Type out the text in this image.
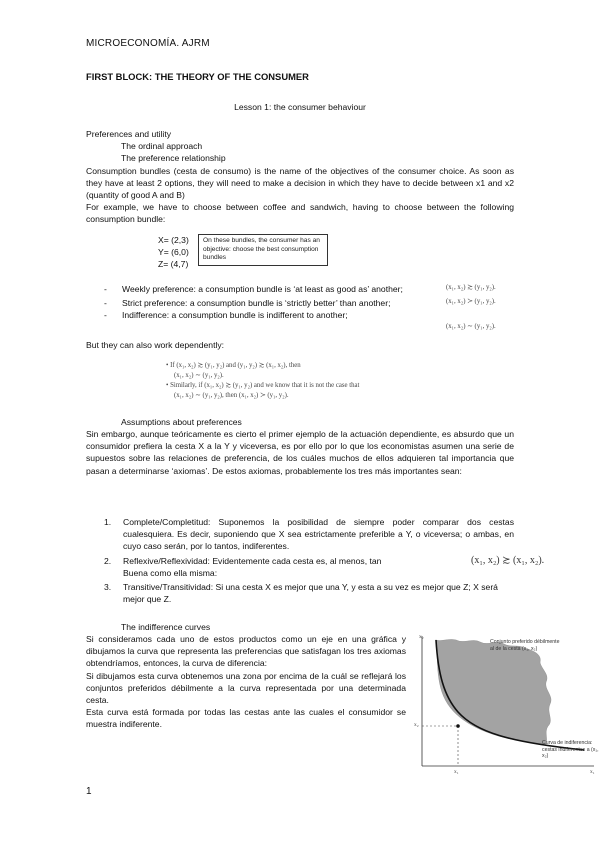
MICROECONOMÍA. AJRM
FIRST BLOCK: THE THEORY OF THE CONSUMER
Lesson 1: the consumer behaviour
Preferences and utility
The ordinal approach
The preference relationship
Consumption bundles (cesta de consumo) is the name of the objectives of the consumer choice. As soon as they have at least 2 options, they will need to make a decision in which they have to decide between x1 and x2 (quantity of good A and B)
For example, we have to choose between coffee and sandwich, having to choose between the following consumption bundle:
X= (2,3)
Y= (6,0)
Z= (4,7)
On these bundles, the consumer has an objective: choose the best consumption bundles
- Weekly preference: a consumption bundle is ‘at least as good as’ another;
- Strict preference: a consumption bundle is ‘strictly better’ than another;
- Indifference: a consumption bundle is indifferent to another;
(x₁, x₂) ≿ (y₁, y₂).
(x₁, x₂) ≻ (y₁, y₂).
(x₁, x₂) ∼ (y₁, y₂).
But they can also work dependently:
• If (x₁, x₂) ≿ (y₁, y₂) and (y₁, y₂) ≿ (x₁, x₂), then
(x₁, x₂) ∼ (y₁, y₂).
• Similarly, if (x₁, x₂) ≿ (y₁, y₂) and we know that it is not the case that
(x₁, x₂) ∼ (y₁, y₂), then (x₁, x₂) ≻ (y₁, y₂).
Assumptions about preferences
Sin embargo, aunque teóricamente es cierto el primer ejemplo de la actuación dependiente, es absurdo que un consumidor prefiera la cesta X a la Y y viceversa, es por ello por lo que los economistas asumen una serie de supuestos sobre las relaciones de preferencia, de los cuáles muchos de ellos adquieren tal importancia que pasan a determinarse ‘axiomas’. De estos axiomas, probablemente los tres más importantes sean:
1. Complete/Completitud: Suponemos la posibilidad de siempre poder comparar dos cestas cualesquiera. Es decir, suponiendo que X sea estrictamente preferible a Y, o viceversa; o ambas, en cuyo caso serán, por lo tantos, indiferentes.
2. Reflexive/Reflexividad: Evidentemente cada cesta es, al menos, tan Buena como ella misma:
3. Transitive/Transitividad: Si una cesta X es mejor que una Y, y esta a su vez es mejor que Z; X será mejor que Z.
(x₁, x₂) ≿ (x₁, x₂).
The indifference curves
Si consideramos cada uno de estos productos como un eje en una gráfica y dibujamos la curva que representa las preferencias que satisfagan los tres axiomas obtendríamos, entonces, la curva de diferencia:
Si dibujamos esta curva obtenemos una zona por encima de la cuál se reflejará los conjuntos preferidos débilmente a la curva representada por una determinada cesta.
Esta curva está formada por todas las cestas ante las cuales el consumidor se muestra indiferente.
Conjunto preferido débilmente al de la cesta (x₁, x₂)
Curva de indiferencia: cestas indiferentes a (x₁, x₂)
x₂
x₂
x₁	x₁
1
